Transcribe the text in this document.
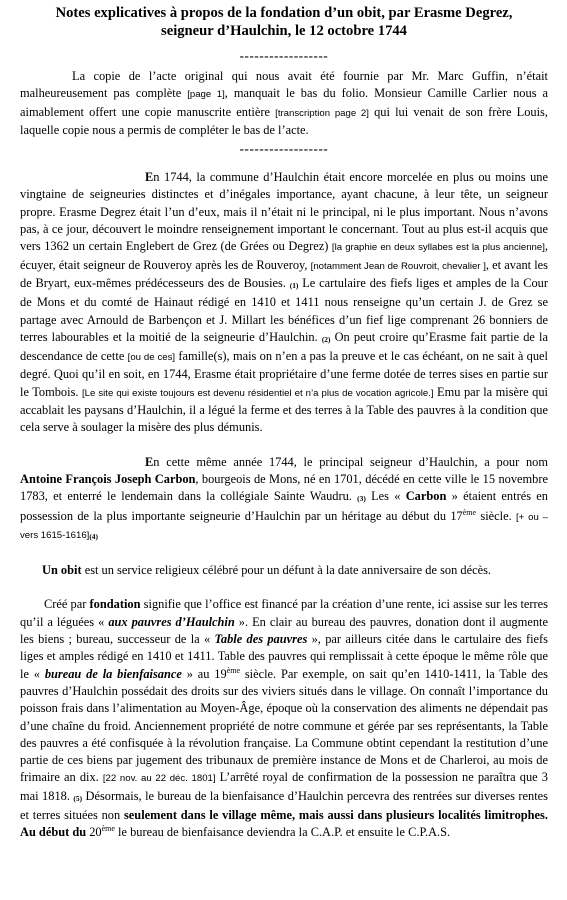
Notes explicatives à propos de la fondation d’un obit, par Erasme Degrez,
seigneur d’Haulchin, le 12 octobre 1744

------------------

La copie de l’acte original qui nous avait été fournie par Mr. Marc Guffin, n’était malheureusement pas complète [page 1], manquait le bas du folio. Monsieur Camille Carlier nous a aimablement offert une copie manuscrite entière [transcription page 2] qui lui venait de son frère Louis, laquelle copie nous a permis de compléter le bas de l’acte.

------------------

En 1744, la commune d’Haulchin était encore morcelée en plus ou moins une vingtaine de seigneuries distinctes et d’inégales importance, ayant chacune, à leur tête, un seigneur propre. Erasme Degrez était l’un d’eux, mais il n’était ni le principal, ni le plus important. Nous n’avons pas, à ce jour, découvert le moindre renseignement important le concernant. Tout au plus est-il acquis que vers 1362 un certain Englebert de Grez (de Grées ou Degrez) [la graphie en deux syllabes est la plus ancienne], écuyer, était seigneur de Rouveroy après les de Rouveroy, [notamment Jean de Rouvroit, chevalier ], et avant les de Bryart, eux-mêmes prédécesseurs des de Bousies. (1) Le cartulaire des fiefs liges et amples de la Cour de Mons et du comté de Hainaut rédigé en 1410 et 1411 nous renseigne qu’un certain J. de Grez se partage avec Arnould de Barbençon et J. Millart les bénéfices d’un fief lige comprenant 26 bonniers de terres labourables et la moitié de la seigneurie d’Haulchin. (2) On peut croire qu’Erasme fait partie de la descendance de cette [ou de ces] famille(s), mais on n’en a pas la preuve et le cas échéant, on ne sait à quel degré. Quoi qu’il en soit, en 1744, Erasme était propriétaire d’une ferme dotée de terres sises en partie sur le Tombois. [Le site qui existe toujours est devenu résidentiel et n’a plus de vocation agricole.] Emu par la misère qui accablait les paysans d’Haulchin, il a légué la ferme et des terres à la Table des pauvres à la condition que cela serve à soulager la misère des plus démunis.

En cette même année 1744, le principal seigneur d’Haulchin, a pour nom Antoine François Joseph Carbon, bourgeois de Mons, né en 1701, décédé en cette ville le 15 novembre 1783, et enterré le lendemain dans la collégiale Sainte Waudru. (3) Les « Carbon » étaient entrés en possession de la plus importante seigneurie d’Haulchin par un héritage au début du 17ème siècle. [+ ou – vers 1615-1616](4)

Un obit est un service religieux célébré pour un défunt à la date anniversaire de son décès.

Créé par fondation signifie que l’office est financé par la création d’une rente, ici assise sur les terres qu’il a léguées « aux pauvres d’Haulchin ». En clair au bureau des pauvres, donation dont il augmente les biens ; bureau, successeur de la « Table des pauvres », par ailleurs citée dans le cartulaire des fiefs liges et amples rédigé en 1410 et 1411. Table des pauvres qui remplissait à cette époque le même rôle que le « bureau de la bienfaisance » au 19ème siècle. Par exemple, on sait qu’en 1410-1411, la Table des pauvres d’Haulchin possédait des droits sur des viviers situés dans le village. On connaît l’importance du poisson frais dans l’alimentation au Moyen-Âge, époque où la conservation des aliments ne dépendait pas d’une chaîne du froid. Anciennement propriété de notre commune et gérée par ses représentants, la Table des pauvres a été confisquée à la révolution française. La Commune obtint cependant la restitution d’une partie de ces biens par jugement des tribunaux de première instance de Mons et de Charleroi, au mois de frimaire an dix. [22 nov. au 22 déc. 1801] L’arrêté royal de confirmation de la possession ne paraîtra que 3 mai 1818. (5) Désormais, le bureau de la bienfaisance d’Haulchin percevra des rentrées sur diverses rentes et terres situées non seulement dans le village même, mais aussi dans plusieurs localités limitrophes. Au début du 20ème le bureau de bienfaisance deviendra la C.A.P. et ensuite le C.P.A.S.
